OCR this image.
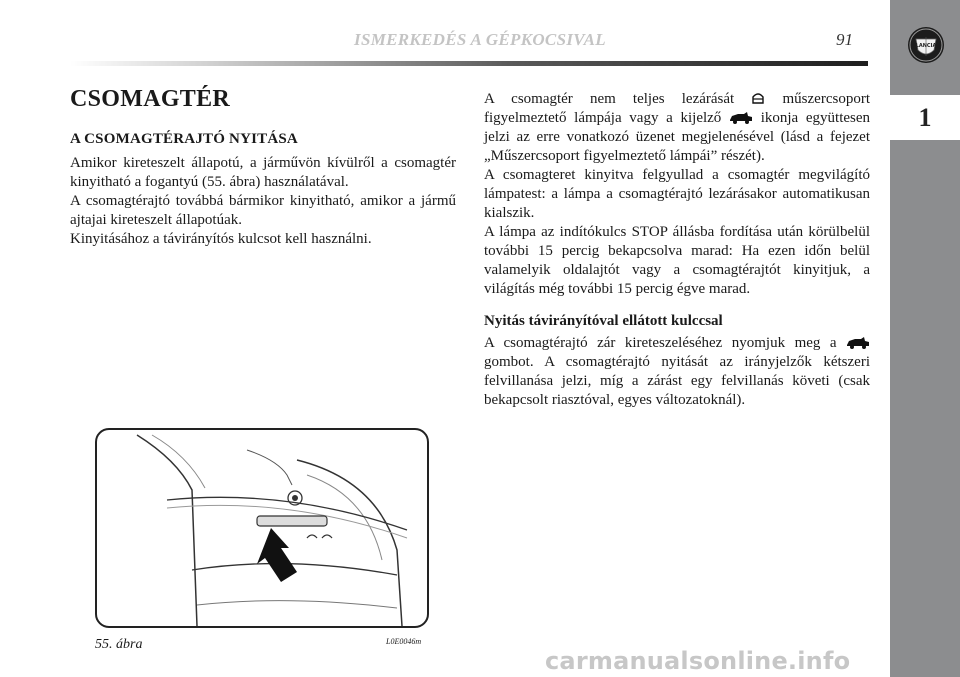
1
LANCIA
ISMERKEDÉS A GÉPKOCSIVAL	91
CSOMAGTÉR
A CSOMAGTÉRAJTÓ NYITÁSA
Amikor kireteszelt állapotú, a járművön kívülről a csomagtér kinyitható a fogantyú (55. ábra) használatával.
A csomagtérajtó továbbá bármikor kinyitható, amikor a jármű ajtajai kireteszelt állapotúak.
Kinyitásához a távirányítós kulcsot kell használni.
A csomagtér nem teljes lezárását	műszercsoport figyelmeztető lámpája vagy a kijelző	ikonja együttesen jelzi az erre vonatkozó üzenet megjelenésével (lásd a fejezet „Műszercsoport figyelmeztető lámpái” részét).
A csomagteret kinyitva felgyullad a csomagtér megvilágító lámpatest: a lámpa a csomagtérajtó lezárásakor automatikusan kialszik.
A lámpa az indítókulcs STOP állásba fordítása után körülbelül további 15 percig bekapcsolva marad: Ha ezen időn belül valamelyik oldalajtót vagy a csomagtérajtót kinyitjuk, a világítás még további 15 percig égve marad.
Nyitás távirányítóval ellátott kulccsal
A csomagtérajtó zár kireteszeléséhez nyomjuk meg a  gombot. A csomagtérajtó nyitását az irányjelzők kétszeri felvillanása jelzi, míg a zárást egy felvillanás követi (csak bekapcsolt riasztóval, egyes változatoknál).
55. ábra	L0E0046m
carmanualsonline.info
